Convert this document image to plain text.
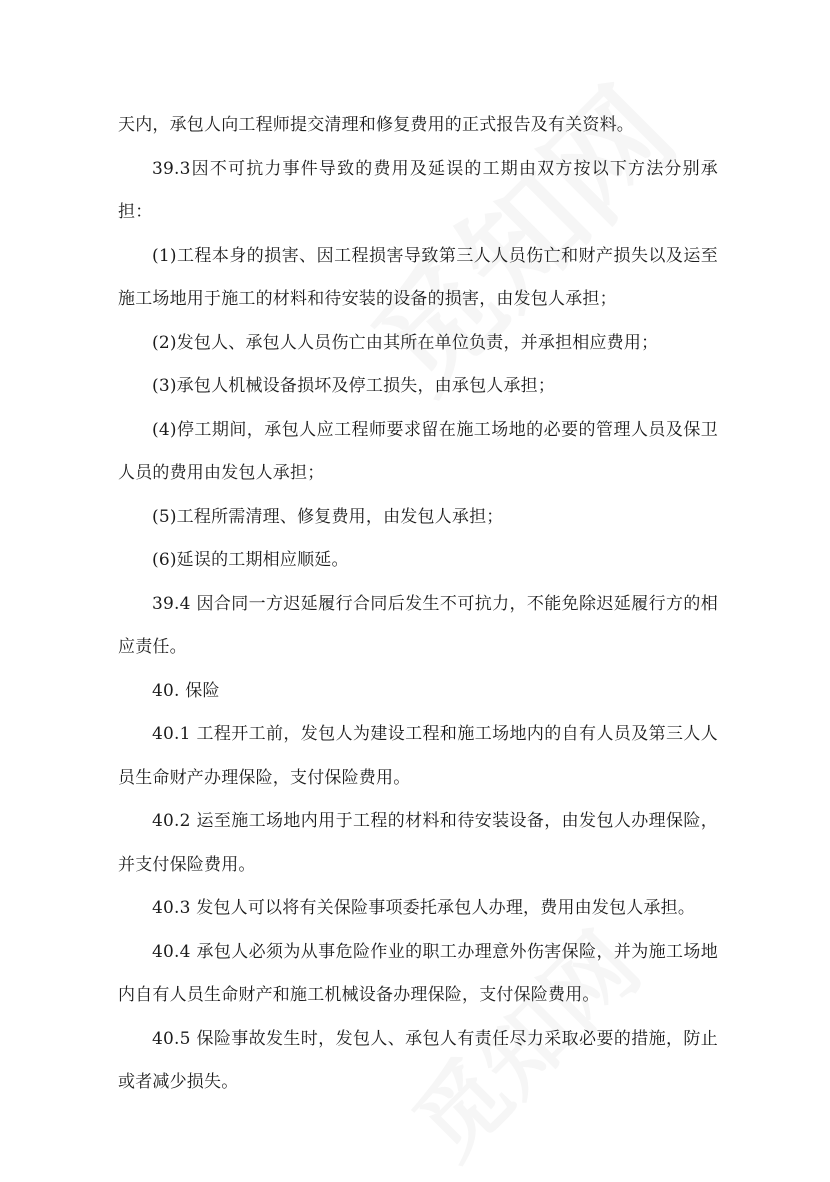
天内，承包人向工程师提交清理和修复费用的正式报告及有关资料。

39.3因不可抗力事件导致的费用及延误的工期由双方按以下方法分别承担：

(1)工程本身的损害、因工程损害导致第三人人员伤亡和财产损失以及运至施工场地用于施工的材料和待安装的设备的损害，由发包人承担；

(2)发包人、承包人人员伤亡由其所在单位负责，并承担相应费用；

(3)承包人机械设备损坏及停工损失，由承包人承担；

(4)停工期间，承包人应工程师要求留在施工场地的必要的管理人员及保卫人员的费用由发包人承担；

(5)工程所需清理、修复费用，由发包人承担；

(6)延误的工期相应顺延。

39.4 因合同一方迟延履行合同后发生不可抗力，不能免除迟延履行方的相应责任。

40. 保险

40.1 工程开工前，发包人为建设工程和施工场地内的自有人员及第三人人员生命财产办理保险，支付保险费用。

40.2 运至施工场地内用于工程的材料和待安装设备，由发包人办理保险，并支付保险费用。

40.3 发包人可以将有关保险事项委托承包人办理，费用由发包人承担。

40.4 承包人必须为从事危险作业的职工办理意外伤害保险，并为施工场地内自有人员生命财产和施工机械设备办理保险，支付保险费用。

40.5 保险事故发生时，发包人、承包人有责任尽力采取必要的措施，防止或者减少损失。
